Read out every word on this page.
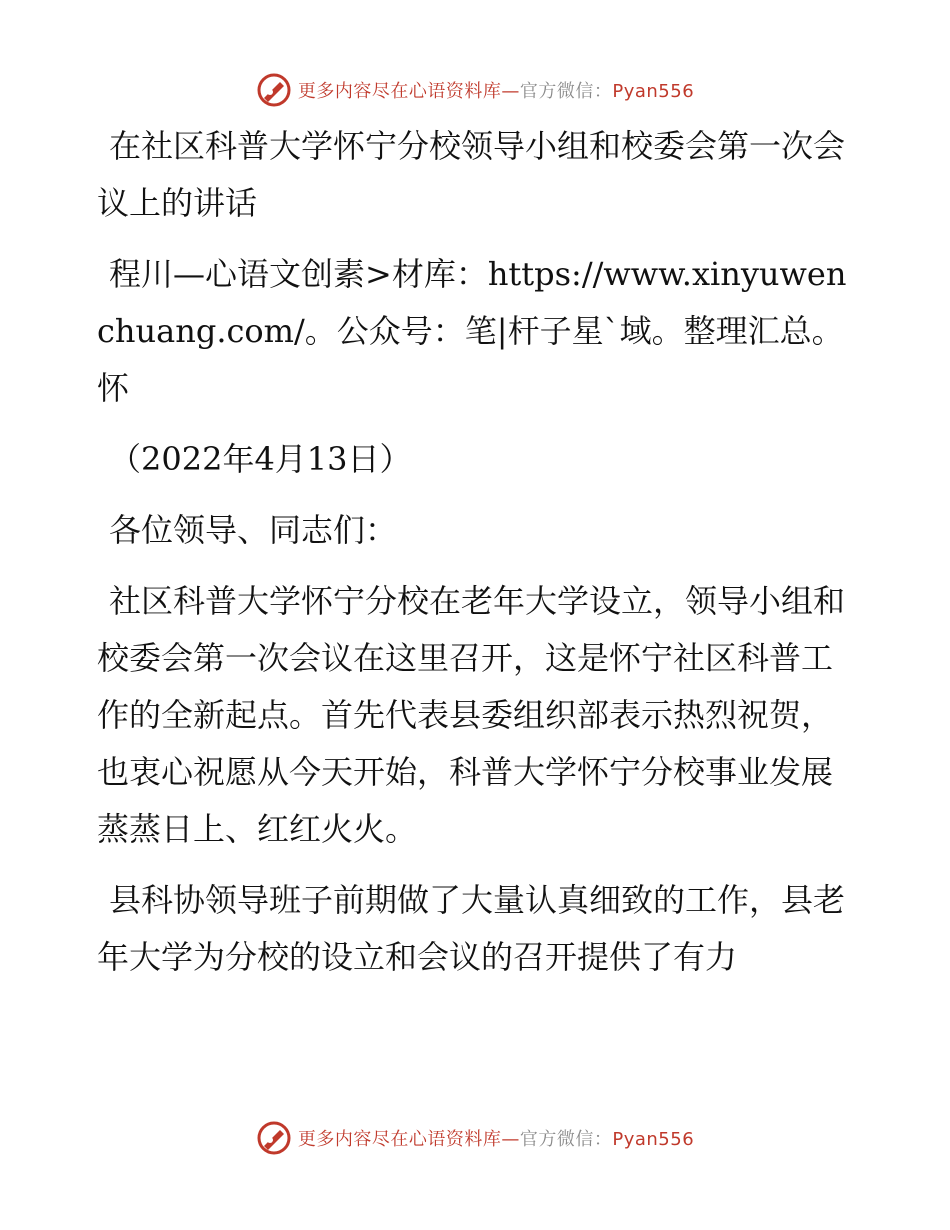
更多内容尽在心语资料库—官方微信：Pyan556

在社区科普大学怀宁分校领导小组和校委会第一次会议上的讲话

程川—心语文创素>材库：https://www.xinyuwenchuang.com/。公众号：笔|杆子星`域。整理汇总。怀

（2022年4月13日）

各位领导、同志们：

社区科普大学怀宁分校在老年大学设立，领导小组和校委会第一次会议在这里召开，这是怀宁社区科普工作的全新起点。首先代表县委组织部表示热烈祝贺，也衷心祝愿从今天开始，科普大学怀宁分校事业发展蒸蒸日上、红红火火。

县科协领导班子前期做了大量认真细致的工作，县老年大学为分校的设立和会议的召开提供了有力

更多内容尽在心语资料库—官方微信：Pyan556
